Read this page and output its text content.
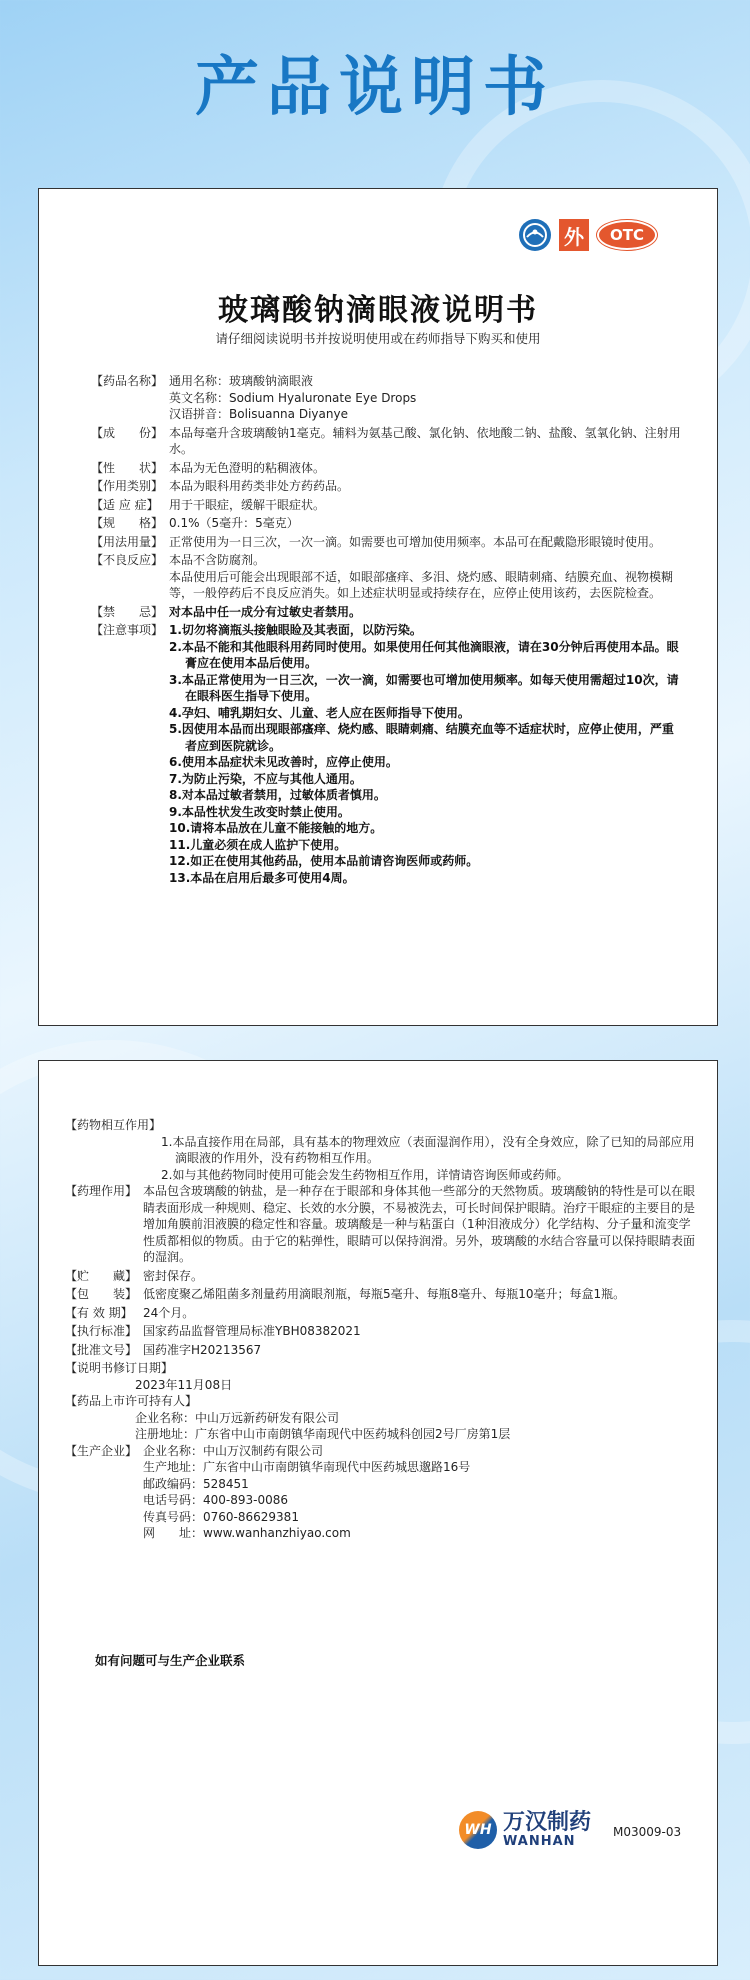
产品说明书
外	OTC
玻璃酸钠滴眼液说明书
请仔细阅读说明书并按说明使用或在药师指导下购买和使用
【药品名称】 通用名称：玻璃酸钠滴眼液
英文名称：Sodium Hyaluronate Eye Drops
汉语拼音：Bolisuanna Diyanye
【成　　份】 本品每毫升含玻璃酸钠1毫克。辅料为氨基己酸、氯化钠、依地酸二钠、盐酸、氢氧化钠、注射用水。
【性　　状】 本品为无色澄明的粘稠液体。
【作用类别】 本品为眼科用药类非处方药药品。
【适 应 症】 用于干眼症，缓解干眼症状。
【规　　格】 0.1%（5毫升：5毫克）
【用法用量】 正常使用为一日三次，一次一滴。如需要也可增加使用频率。本品可在配戴隐形眼镜时使用。
【不良反应】 本品不含防腐剂。
本品使用后可能会出现眼部不适，如眼部瘙痒、多泪、烧灼感、眼睛刺痛、结膜充血、视物模糊等，一般停药后不良反应消失。如上述症状明显或持续存在，应停止使用该药，去医院检查。
【禁　　忌】 对本品中任一成分有过敏史者禁用。
【注意事项】 1.切勿将滴瓶头接触眼睑及其表面，以防污染。
2.本品不能和其他眼科用药同时使用。如果使用任何其他滴眼液，请在30分钟后再使用本品。眼膏应在使用本品后使用。
3.本品正常使用为一日三次，一次一滴，如需要也可增加使用频率。如每天使用需超过10次，请在眼科医生指导下使用。
4.孕妇、哺乳期妇女、儿童、老人应在医师指导下使用。
5.因使用本品而出现眼部瘙痒、烧灼感、眼睛刺痛、结膜充血等不适症状时，应停止使用，严重者应到医院就诊。
6.使用本品症状未见改善时，应停止使用。
7.为防止污染，不应与其他人通用。
8.对本品过敏者禁用，过敏体质者慎用。
9.本品性状发生改变时禁止使用。
10.请将本品放在儿童不能接触的地方。
11.儿童必须在成人监护下使用。
12.如正在使用其他药品，使用本品前请咨询医师或药师。
13.本品在启用后最多可使用4周。
【药物相互作用】
1.本品直接作用在局部，具有基本的物理效应（表面湿润作用），没有全身效应，除了已知的局部应用滴眼液的作用外，没有药物相互作用。
2.如与其他药物同时使用可能会发生药物相互作用，详情请咨询医师或药师。
【药理作用】 本品包含玻璃酸的钠盐，是一种存在于眼部和身体其他一些部分的天然物质。玻璃酸钠的特性是可以在眼睛表面形成一种规则、稳定、长效的水分膜，不易被洗去，可长时间保护眼睛。治疗干眼症的主要目的是增加角膜前泪液膜的稳定性和容量。玻璃酸是一种与粘蛋白（1种泪液成分）化学结构、分子量和流变学性质都相似的物质。由于它的粘弹性，眼睛可以保持润滑。另外，玻璃酸的水结合容量可以保持眼睛表面的湿润。
【贮　　藏】 密封保存。
【包　　装】 低密度聚乙烯阻菌多剂量药用滴眼剂瓶，每瓶5毫升、每瓶8毫升、每瓶10毫升；每盒1瓶。
【有 效 期】 24个月。
【执行标准】 国家药品监督管理局标准YBH08382021
【批准文号】 国药准字H20213567
【说明书修订日期】
2023年11月08日
【药品上市许可持有人】
企业名称：中山万远新药研发有限公司
注册地址：广东省中山市南朗镇华南现代中医药城科创园2号厂房第1层
【生产企业】 企业名称：中山万汉制药有限公司
生产地址：广东省中山市南朗镇华南现代中医药城思邈路16号
邮政编码：528451
电话号码：400-893-0086
传真号码：0760-86629381
网　　址：www.wanhanzhiyao.com
如有问题可与生产企业联系
WH 万汉制药
WANHAN
M03009-03
